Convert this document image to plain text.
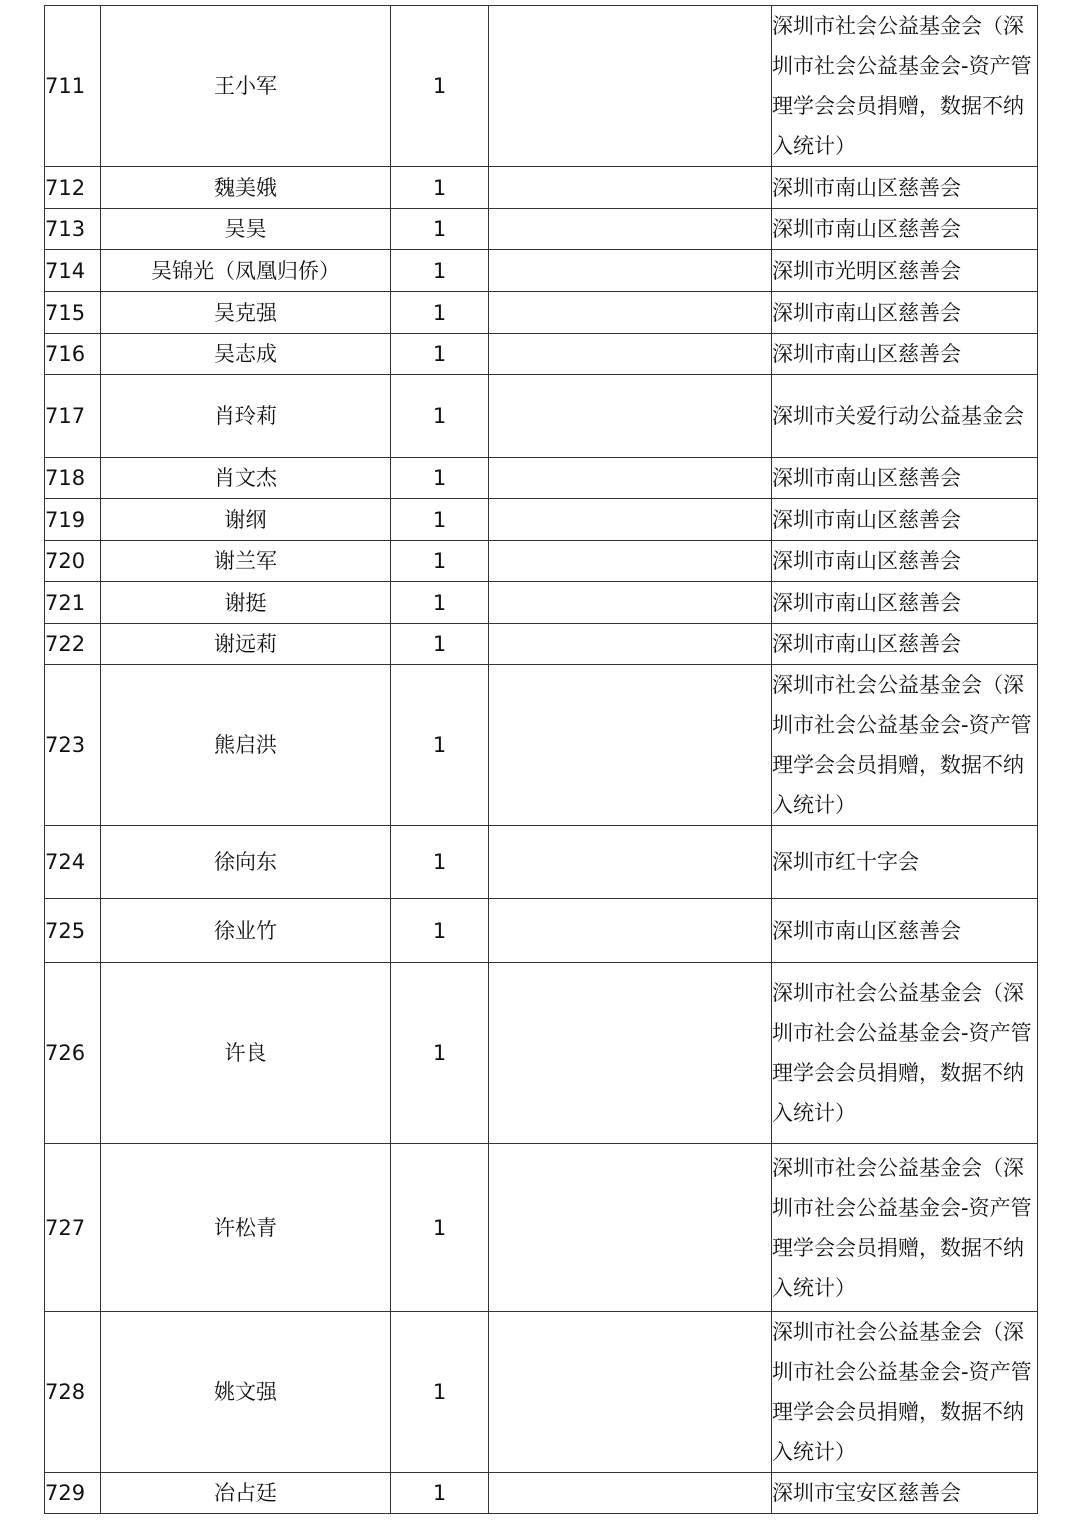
711	王小军	1		深圳市社会公益基金会（深圳市社会公益基金会-资产管理学会会员捐赠，数据不纳入统计）
712	魏美娥	1		深圳市南山区慈善会
713	吴昊	1		深圳市南山区慈善会
714	吴锦光（凤凰归侨）	1		深圳市光明区慈善会
715	吴克强	1		深圳市南山区慈善会
716	吴志成	1		深圳市南山区慈善会
717	肖玲莉	1		深圳市关爱行动公益基金会
718	肖文杰	1		深圳市南山区慈善会
719	谢纲	1		深圳市南山区慈善会
720	谢兰军	1		深圳市南山区慈善会
721	谢挺	1		深圳市南山区慈善会
722	谢远莉	1		深圳市南山区慈善会
723	熊启洪	1		深圳市社会公益基金会（深圳市社会公益基金会-资产管理学会会员捐赠，数据不纳入统计）
724	徐向东	1		深圳市红十字会
725	徐业竹	1		深圳市南山区慈善会
726	许良	1		深圳市社会公益基金会（深圳市社会公益基金会-资产管理学会会员捐赠，数据不纳入统计）
727	许松青	1		深圳市社会公益基金会（深圳市社会公益基金会-资产管理学会会员捐赠，数据不纳入统计）
728	姚文强	1		深圳市社会公益基金会（深圳市社会公益基金会-资产管理学会会员捐赠，数据不纳入统计）
729	冶占廷	1		深圳市宝安区慈善会
